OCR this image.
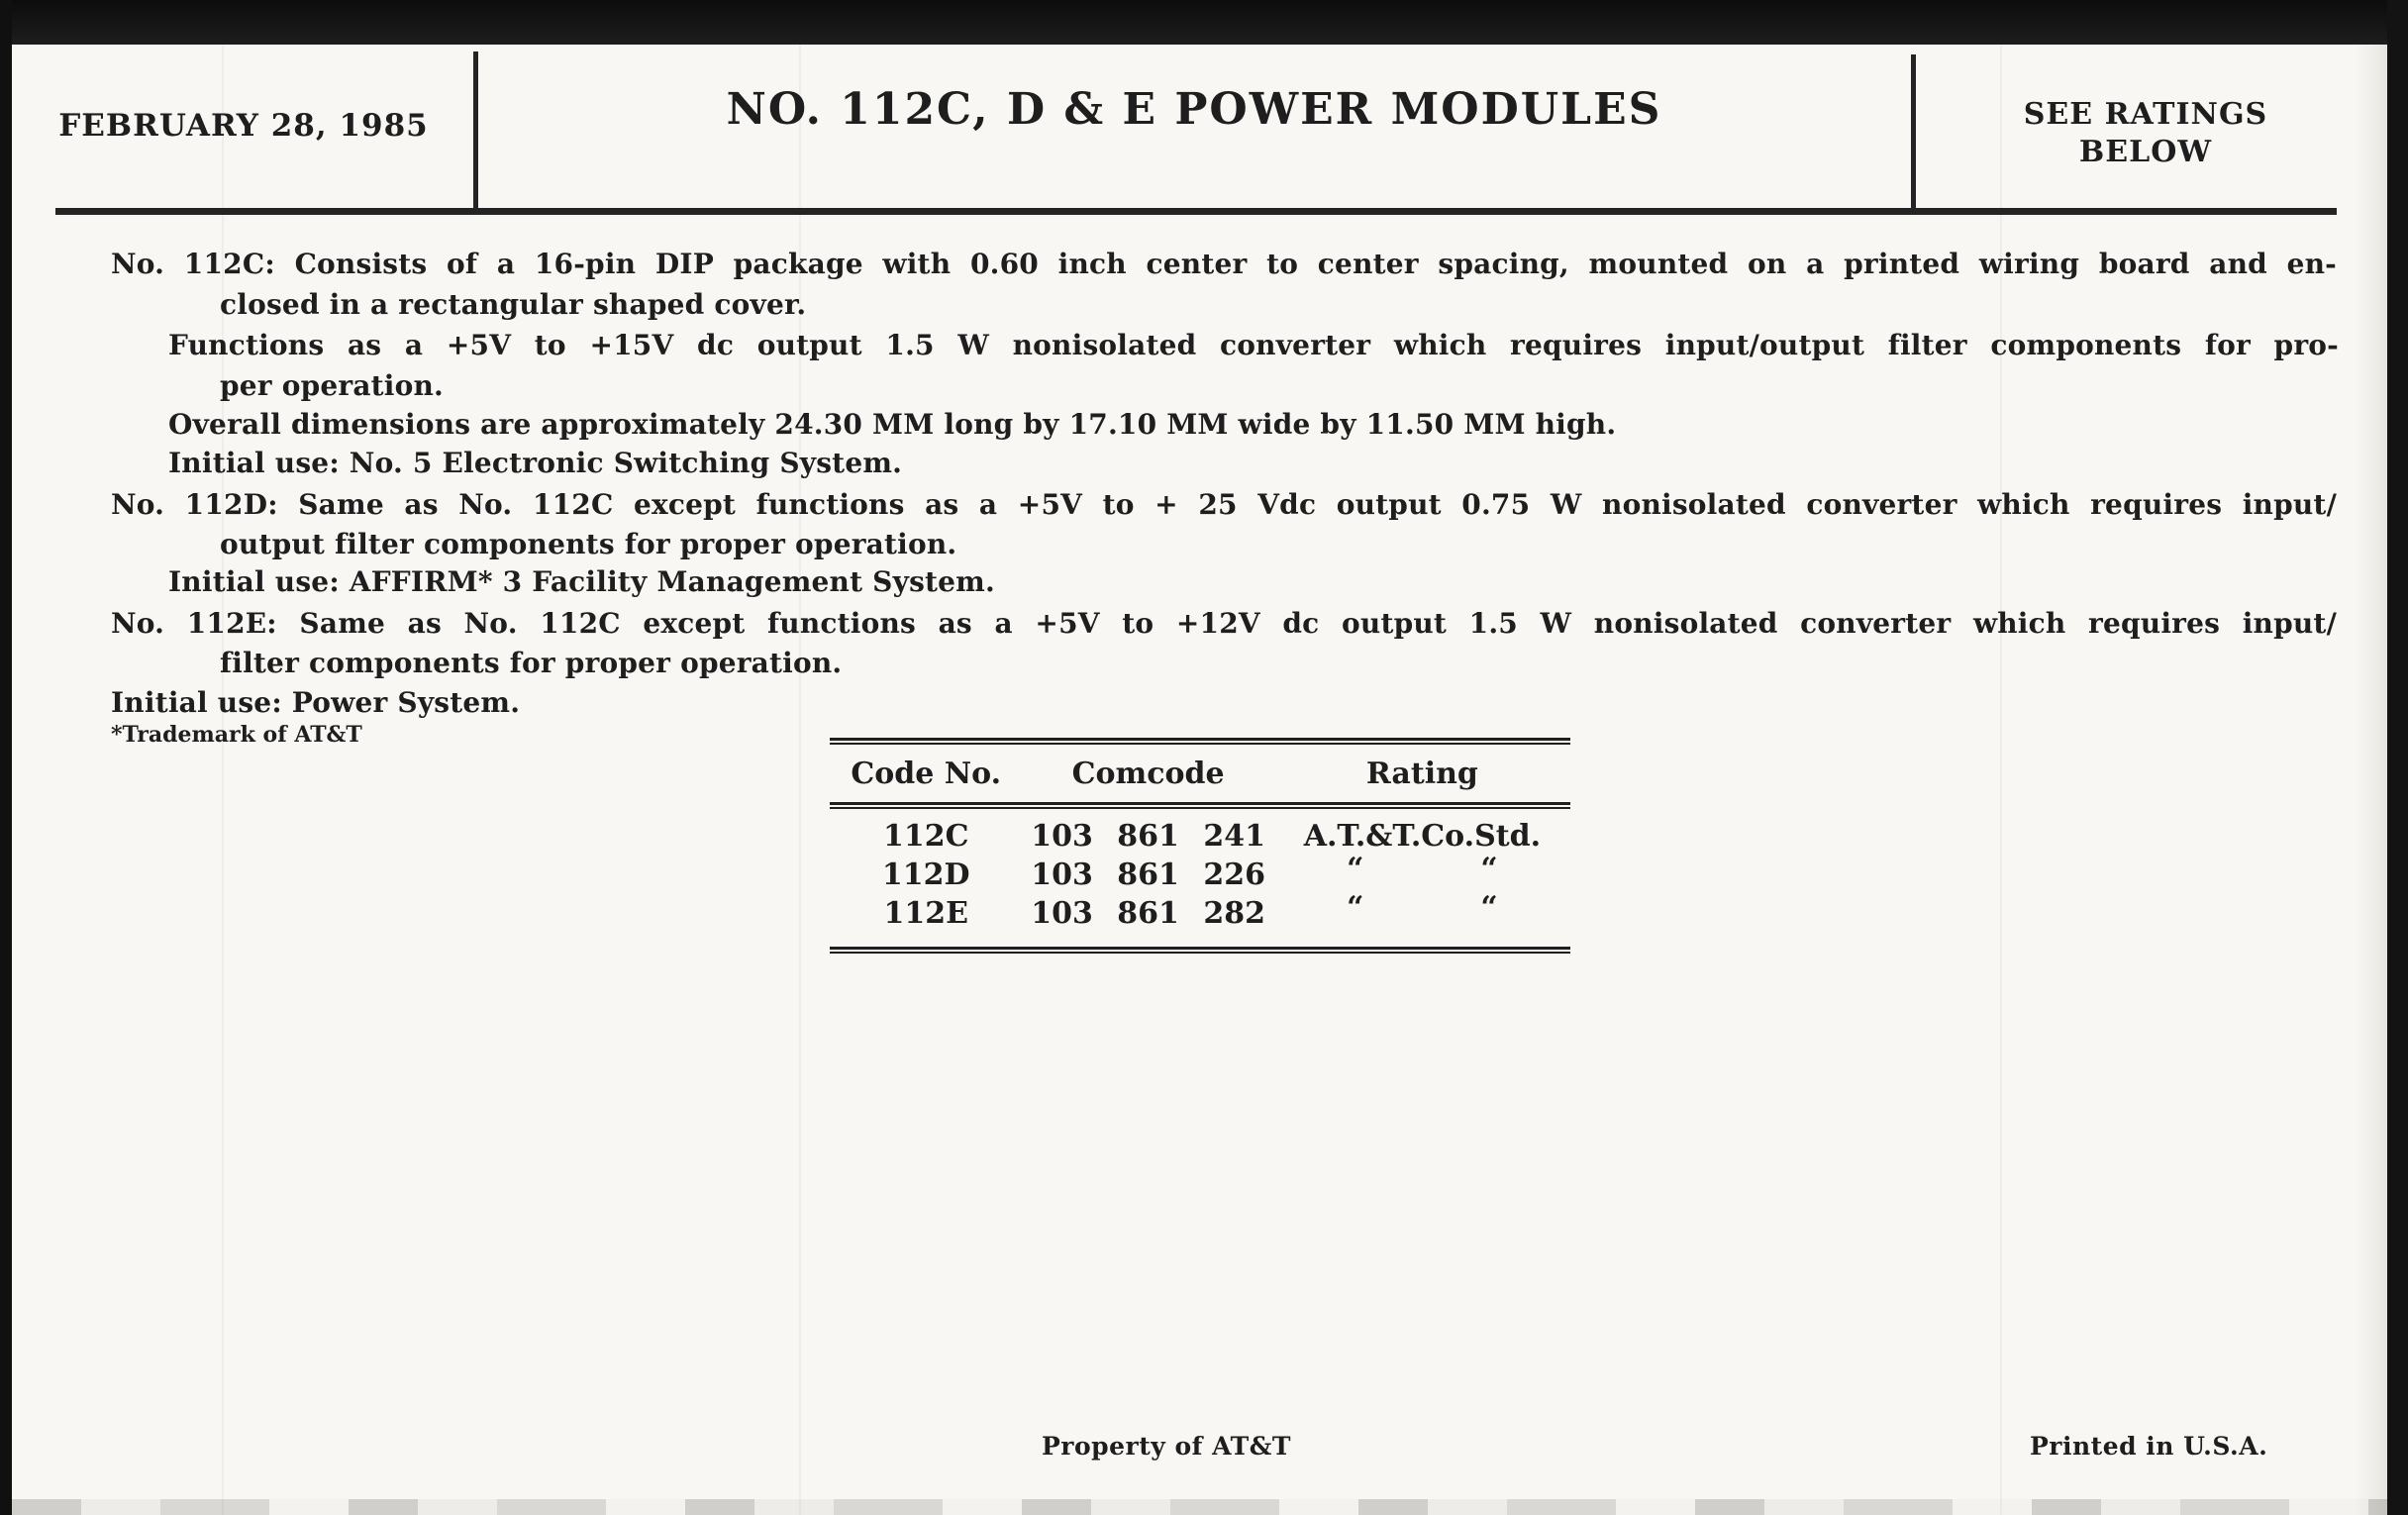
FEBRUARY 28, 1985	NO. 112C, D & E POWER MODULES	SEE RATINGS
BELOW
No. 112C: Consists of a 16-pin DIP package with 0.60 inch center to center spacing, mounted on a printed wiring board and en-
closed in a rectangular shaped cover.
Functions as a +5V to +15V dc output 1.5 W nonisolated converter which requires input/output filter components for pro-
per operation.
Overall dimensions are approximately 24.30 MM long by 17.10 MM wide by 11.50 MM high.
Initial use: No. 5 Electronic Switching System.
No. 112D: Same as No. 112C except functions as a +5V to + 25 Vdc output 0.75 W nonisolated converter which requires input/
output filter components for proper operation.
Initial use: AFFIRM* 3 Facility Management System.
No. 112E: Same as No. 112C except functions as a +5V to +12V dc output 1.5 W nonisolated converter which requires input/
filter components for proper operation.
Initial use: Power System.
*Trademark of AT&T
Code No.	Comcode	Rating
112C	103 861 241	A.T.&T.Co.Std.
112D	103 861 226	“	“
112E	103 861 282	“	“
Property of AT&T	Printed in U.S.A.
